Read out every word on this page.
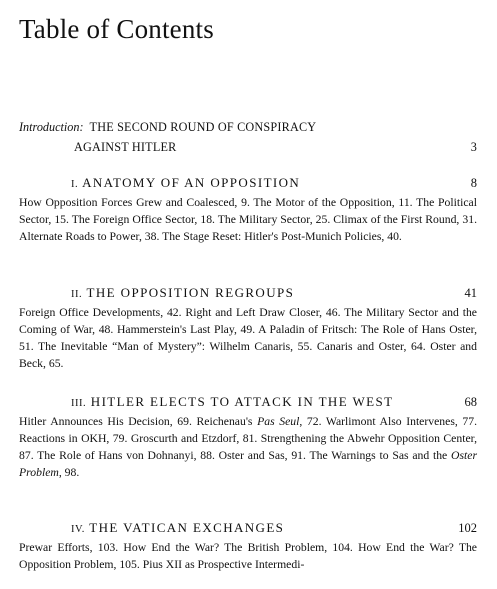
Table of Contents
Introduction: THE SECOND ROUND OF CONSPIRACY
AGAINST HITLER	3
I. ANATOMY OF AN OPPOSITION	8

How Opposition Forces Grew and Coalesced, 9. The Motor of the Opposition, 11. The Political Sector, 15. The Foreign Office Sector, 18. The Military Sector, 25. Climax of the First Round, 31. Alternate Roads to Power, 38. The Stage Reset: Hitler's Post-Munich Policies, 40.

II. THE OPPOSITION REGROUPS	41

Foreign Office Developments, 42. Right and Left Draw Closer, 46. The Military Sector and the Coming of War, 48. Hammerstein's Last Play, 49. A Paladin of Fritsch: The Role of Hans Oster, 51. The Inevitable “Man of Mystery”: Wilhelm Canaris, 55. Canaris and Oster, 64. Oster and Beck, 65.

III. HITLER ELECTS TO ATTACK IN THE WEST	68

Hitler Announces His Decision, 69. Reichenau's Pas Seul, 72. Warlimont Also Intervenes, 77. Reactions in OKH, 79. Groscurth and Etzdorf, 81. Strengthening the Abwehr Opposition Center, 87. The Role of Hans von Dohnanyi, 88. Oster and Sas, 91. The Warnings to Sas and the Oster Problem, 98.

IV. THE VATICAN EXCHANGES	102

Prewar Efforts, 103. How End the War? The British Problem, 104. How End the War? The Opposition Problem, 105. Pius XII as Prospective Intermedi-
